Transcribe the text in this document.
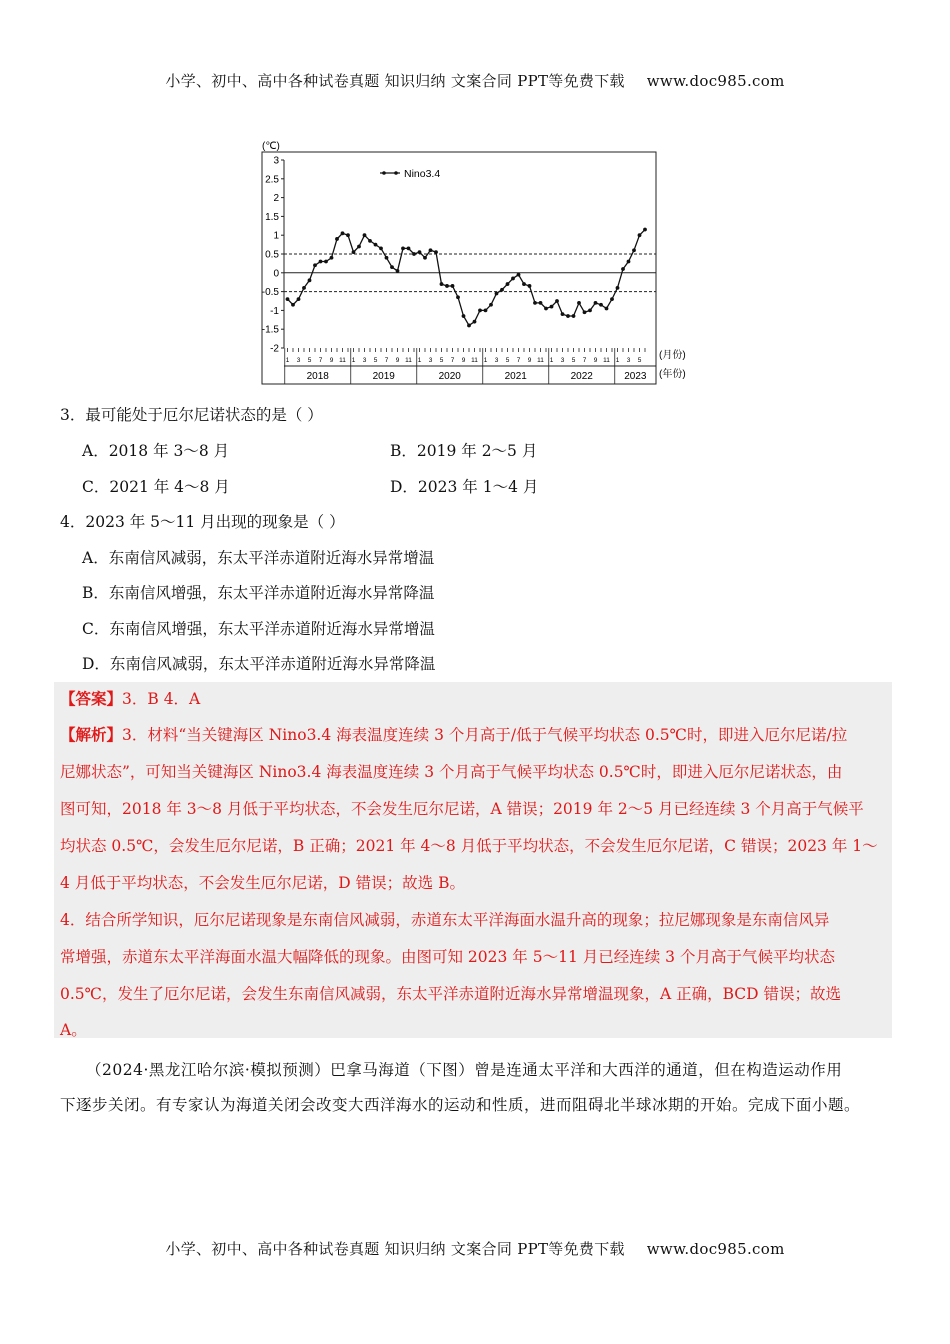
小学、初中、高中各种试卷真题 知识归纳 文案合同 PPT等免费下载 www.doc985.com
(℃)
3
2.5
2
1.5
1
0.5
0
-0.5
-1
-1.5
-2
1 3 5 7 9 11 1 3 5 7 9 11 1 3 5 7 9 11 1 3 5 7 9 11 1 3 5 7 9 11 1 3 5
2018	2019	2020	2021	2022	2023
Nino3.4
(月份)
(年份)
3．最可能处于厄尔尼诺状态的是（ ）
A．2018 年 3～8 月	B．2019 年 2～5 月
C．2021 年 4～8 月	D．2023 年 1～4 月
4．2023 年 5～11 月出现的现象是（ ）
A．东南信风减弱，东太平洋赤道附近海水异常增温
B．东南信风增强，东太平洋赤道附近海水异常降温
C．东南信风增强，东太平洋赤道附近海水异常增温
D．东南信风减弱，东太平洋赤道附近海水异常降温
【答案】3．B 4．A
【解析】3．材料“当关键海区 Nino3.4 海表温度连续 3 个月高于/低于气候平均状态 0.5℃时，即进入厄尔尼诺/拉
尼娜状态”，可知当关键海区 Nino3.4 海表温度连续 3 个月高于气候平均状态 0.5℃时，即进入厄尔尼诺状态，由
图可知，2018 年 3～8 月低于平均状态，不会发生厄尔尼诺，A 错误；2019 年 2～5 月已经连续 3 个月高于气候平
均状态 0.5℃，会发生厄尔尼诺，B 正确；2021 年 4～8 月低于平均状态，不会发生厄尔尼诺，C 错误；2023 年 1～
4 月低于平均状态，不会发生厄尔尼诺，D 错误；故选 B。
4．结合所学知识，厄尔尼诺现象是东南信风减弱，赤道东太平洋海面水温升高的现象；拉尼娜现象是东南信风异
常增强，赤道东太平洋海面水温大幅降低的现象。由图可知 2023 年 5～11 月已经连续 3 个月高于气候平均状态
0.5℃，发生了厄尔尼诺，会发生东南信风减弱，东太平洋赤道附近海水异常增温现象，A 正确，BCD 错误；故选
A。
（2024·黑龙江哈尔滨·模拟预测）巴拿马海道（下图）曾是连通太平洋和大西洋的通道，但在构造运动作用
下逐步关闭。有专家认为海道关闭会改变大西洋海水的运动和性质，进而阻碍北半球冰期的开始。完成下面小题。
小学、初中、高中各种试卷真题 知识归纳 文案合同 PPT等免费下载 www.doc985.com
